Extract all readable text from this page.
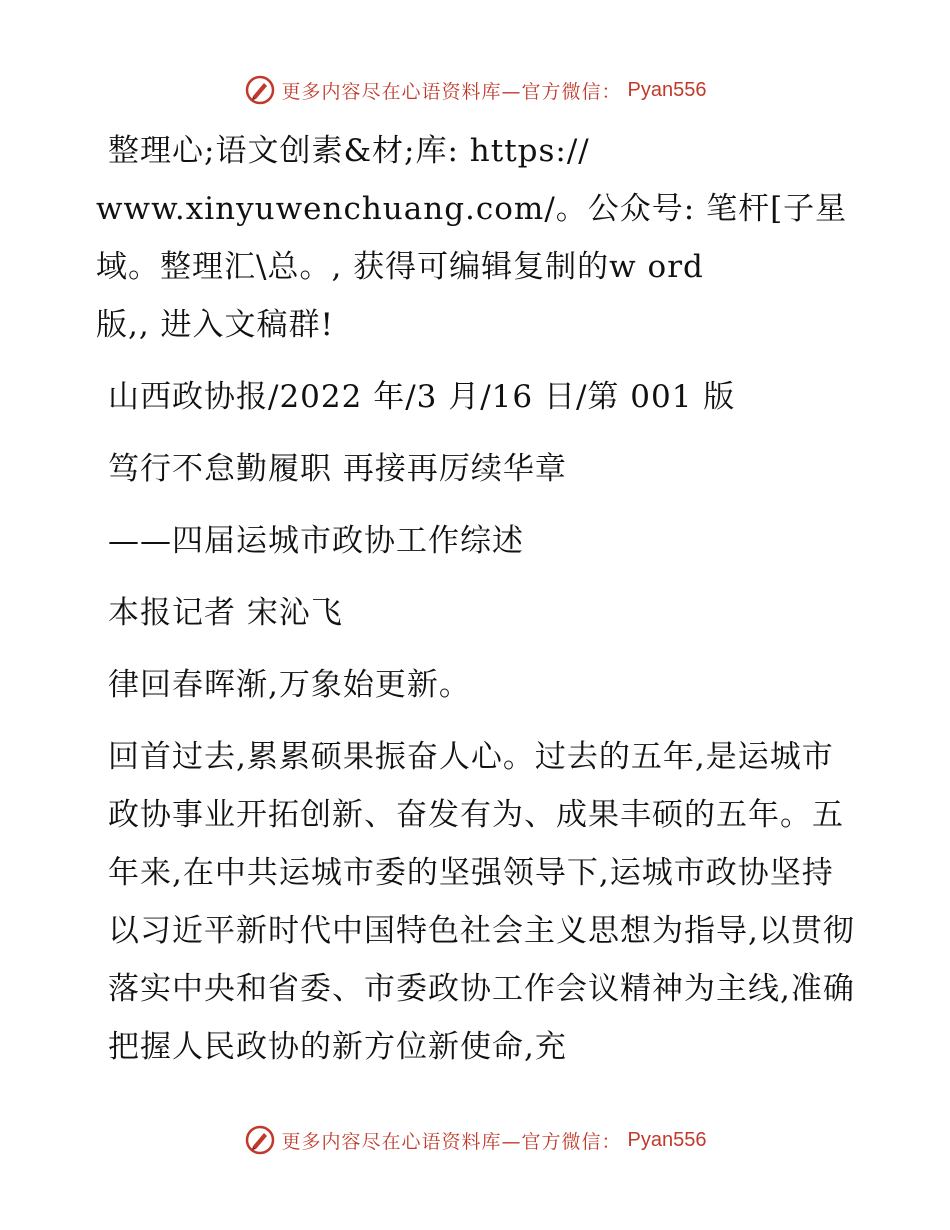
更多内容尽在心语资料库—官方微信： Pyan556

整理心;语文创素&材;库: https://

www.xinyuwenchuang.com/。公众号: 笔杆[子星

域。整理汇\总。, 获得可编辑复制的w ord

版,, 进入文稿群!

山西政协报/2022 年/3 月/16 日/第 001 版

笃行不怠勤履职 再接再厉续华章

——四届运城市政协工作综述

本报记者 宋沁飞

律回春晖渐,万象始更新。

回首过去,累累硕果振奋人心。过去的五年,是运城市政协事业开拓创新、奋发有为、成果丰硕的五年。五年来,在中共运城市委的坚强领导下,运城市政协坚持以习近平新时代中国特色社会主义思想为指导,以贯彻落实中央和省委、市委政协工作会议精神为主线,准确把握人民政协的新方位新使命,充

更多内容尽在心语资料库—官方微信： Pyan556
